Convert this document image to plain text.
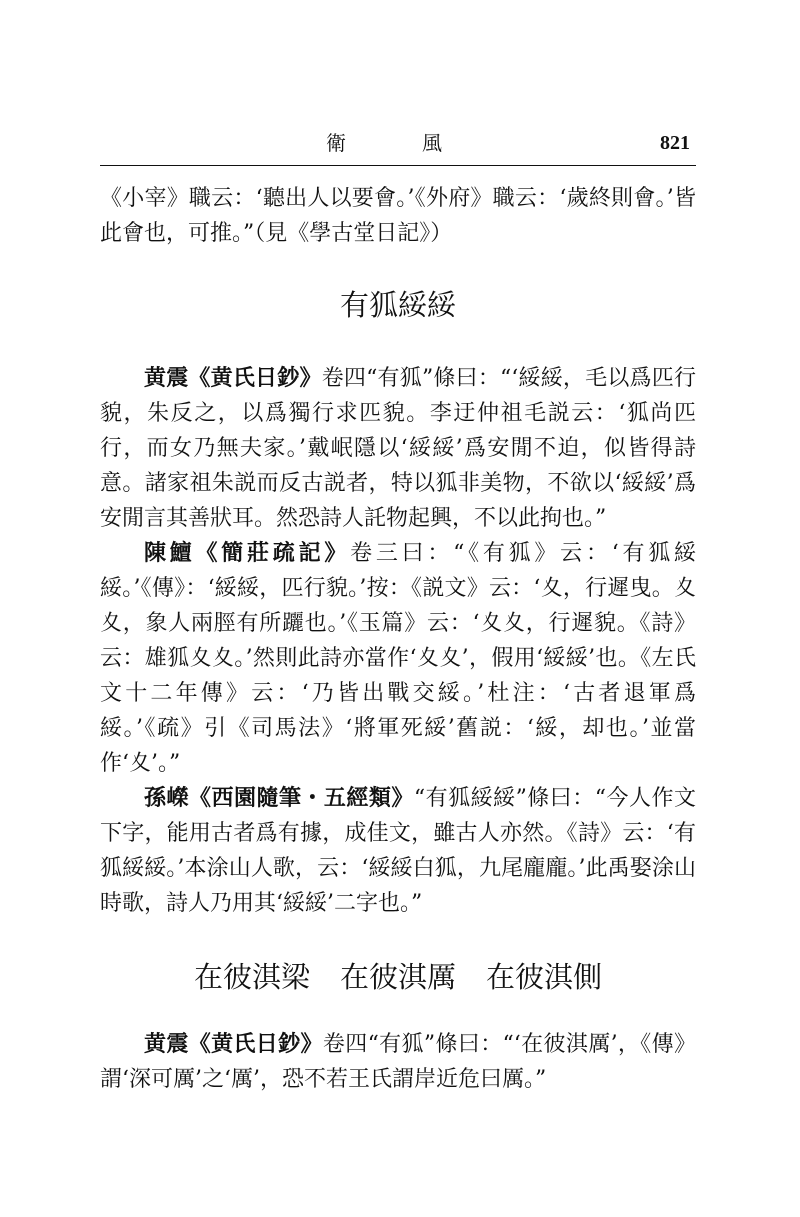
衛　風	821

《小宰》職云：‘聽出人以要會。’《外府》職云：‘歲終則會。’皆此會也，可推。”（見《學古堂日記》）

有狐綏綏

黄震《黄氏日鈔》卷四“有狐”條曰：“‘綏綏，毛以爲匹行貌，朱反之，以爲獨行求匹貌。李迂仲祖毛説云：‘狐尚匹行，而女乃無夫家。’戴岷隱以‘綏綏’爲安閒不迫，似皆得詩意。諸家祖朱説而反古説者，特以狐非美物，不欲以‘綏綏’爲安閒言其善狀耳。然恐詩人託物起興，不以此拘也。”

陳鱣《簡莊疏記》卷三曰：“《有狐》云：‘有狐綏綏。’《傳》：‘綏綏，匹行貌。’按：《説文》云：‘夊，行遲曳。夊夊，象人兩脛有所躧也。’《玉篇》云：‘夊夊，行遲貌。《詩》云：雄狐夊夊。’然則此詩亦當作‘夊夊’，假用‘綏綏’也。《左氏文十二年傳》云：‘乃皆出戰交綏。’杜注：‘古者退軍爲綏。’《疏》引《司馬法》‘將軍死綏’舊説：‘綏，却也。’並當作‘夊’。”

孫嶸《西園隨筆・五經類》“有狐綏綏”條曰：“今人作文下字，能用古者爲有據，成佳文，雖古人亦然。《詩》云：‘有狐綏綏。’本涂山人歌，云：‘綏綏白狐，九尾龐龐。’此禹娶涂山時歌，詩人乃用其‘綏綏’二字也。”

在彼淇梁 在彼淇厲 在彼淇側

黄震《黄氏日鈔》卷四“有狐”條曰：“‘在彼淇厲’，《傳》謂‘深可厲’之‘厲’，恐不若王氏謂岸近危曰厲。”
